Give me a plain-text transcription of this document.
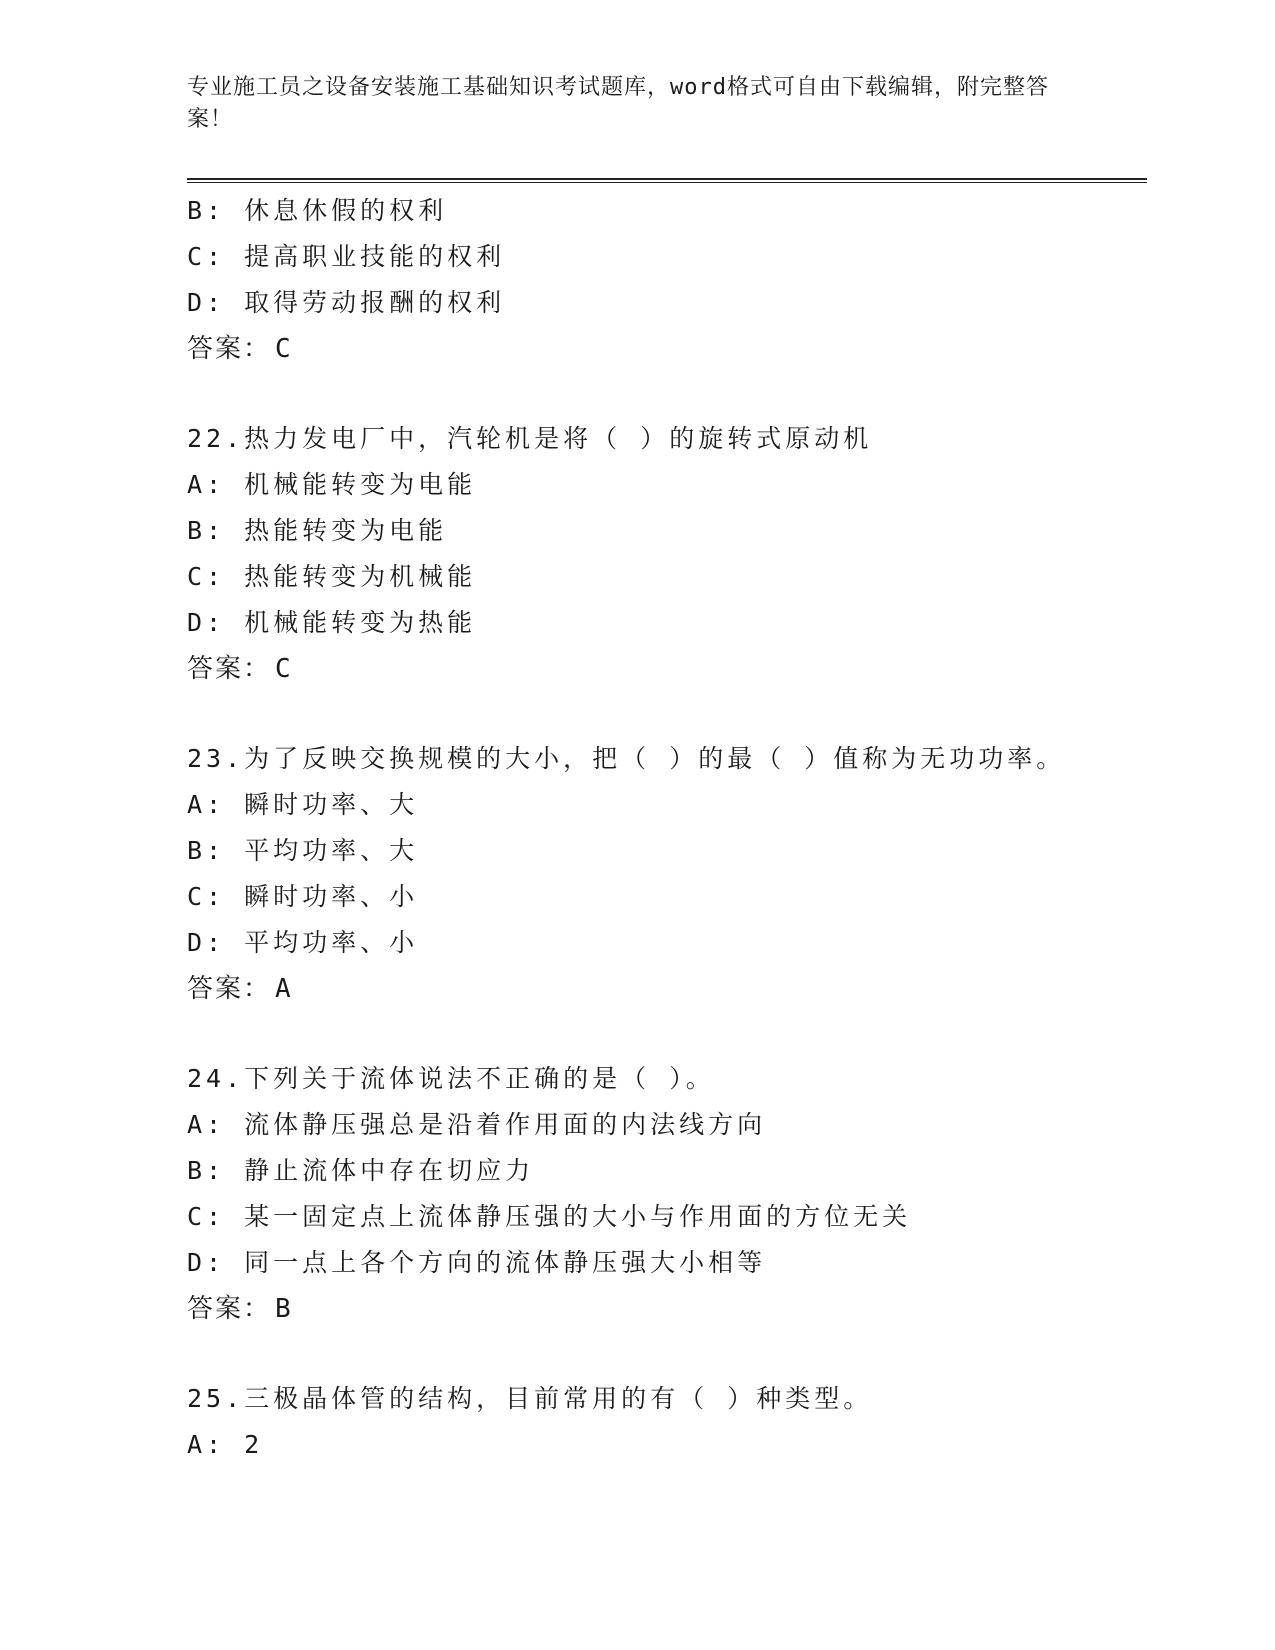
专业施工员之设备安装施工基础知识考试题库，word格式可自由下载编辑，附完整答案！
B: 休息休假的权利
C: 提高职业技能的权利
D: 取得劳动报酬的权利
答案： C
22.热力发电厂中，汽轮机是将（ ）的旋转式原动机
A: 机械能转变为电能
B: 热能转变为电能
C: 热能转变为机械能
D: 机械能转变为热能
答案： C
23.为了反映交换规模的大小，把（ ）的最（ ）值称为无功功率。
A: 瞬时功率、大
B: 平均功率、大
C: 瞬时功率、小
D: 平均功率、小
答案： A
24.下列关于流体说法不正确的是（ ）。
A: 流体静压强总是沿着作用面的内法线方向
B: 静止流体中存在切应力
C: 某一固定点上流体静压强的大小与作用面的方位无关
D: 同一点上各个方向的流体静压强大小相等
答案： B
25.三极晶体管的结构，目前常用的有（ ）种类型。
A: 2
